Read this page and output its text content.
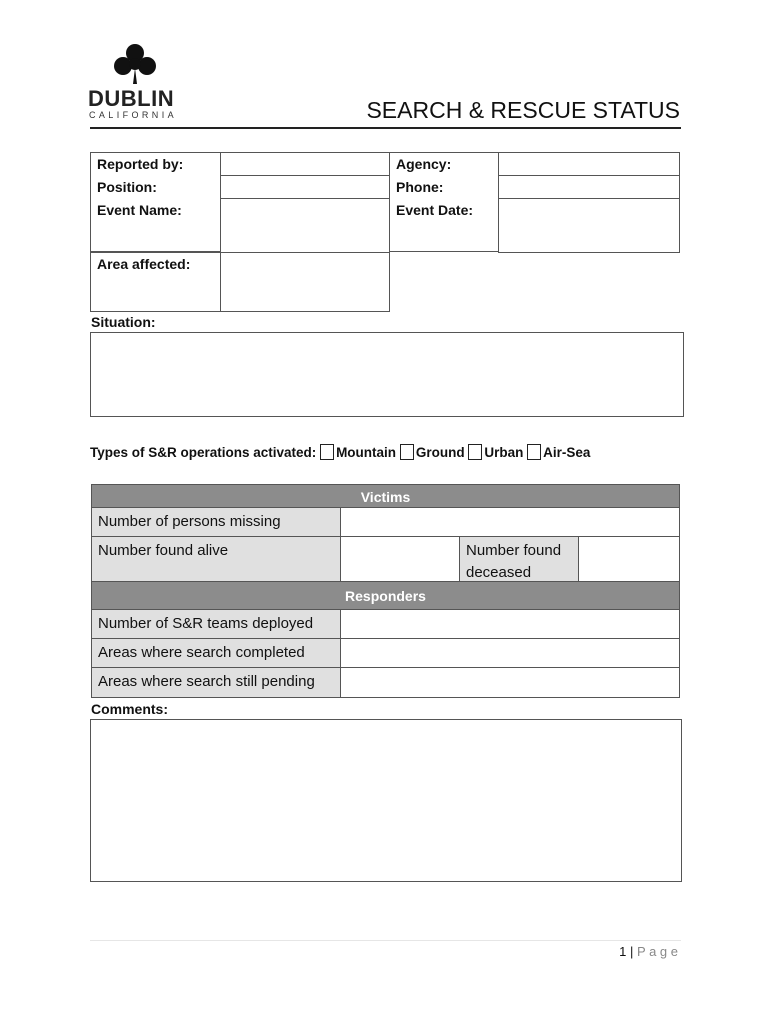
DUBLIN
CALIFORNIA	SEARCH & RESCUE STATUS
Reported by:
Position:
Event Name:
Agency:
Phone:
Event Date:
Area affected:
Situation:
Types of S&R operations activated: Mountain Ground Urban Air-Sea
Victims
Number of persons missing
Number found alive	Number found deceased
Responders
Number of S&R teams deployed
Areas where search completed
Areas where search still pending
Comments:
1 | P a g e
